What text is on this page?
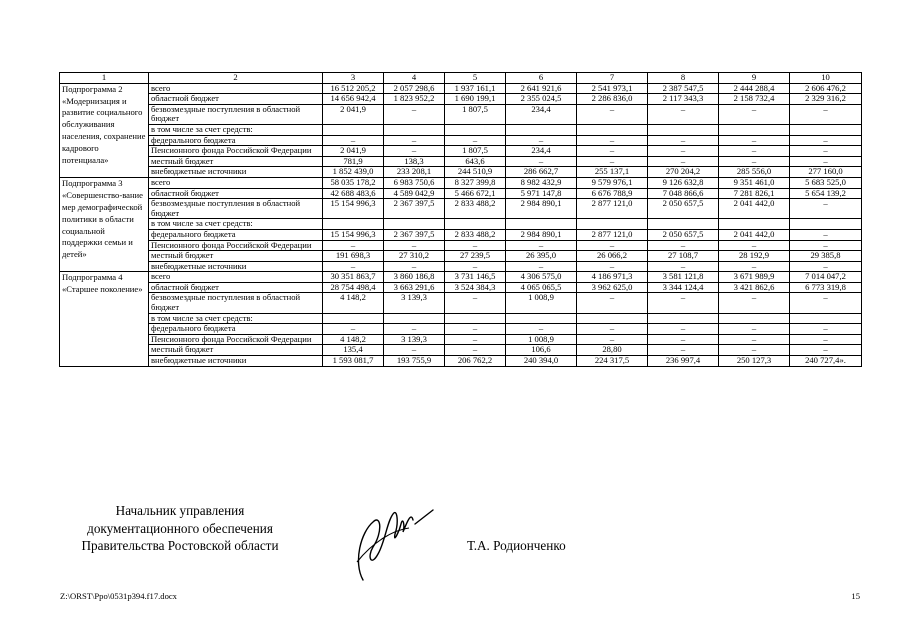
1	2	3	4	5	6	7	8	9	10
Подпрограмма 2 «Модернизация и развитие социального обслуживания населения, сохранение кадрового потенциала»	всего	16 512 205,2	2 057 298,6	1 937 161,1	2 641 921,6	2 541 973,1	2 387 547,5	2 444 288,4	2 606 476,2
	областной бюджет	14 656 942,4	1 823 952,2	1 690 199,1	2 355 024,5	2 286 836,0	2 117 343,3	2 158 732,4	2 329 316,2
	безвозмездные поступления в областной бюджет	2 041,9	–	1 807,5	234,4	–	–	–	–
	в том числе за счет средств:								
	федерального бюджета	–	–	–	–	–	–	–	–
	Пенсионного фонда Российской Федерации	2 041,9	–	1 807,5	234,4	–	–	–	–
	местный бюджет	781,9	138,3	643,6	–	–	–	–	–
	внебюджетные источники	1 852 439,0	233 208,1	244 510,9	286 662,7	255 137,1	270 204,2	285 556,0	277 160,0
Подпрограмма 3 «Совершенство-вание мер демографической политики в области социальной поддержки семьи и детей»	всего	58 035 178,2	6 983 750,6	8 327 399,8	8 982 432,9	9 579 976,1	9 126 632,8	9 351 461,0	5 683 525,0
	областной бюджет	42 688 483,6	4 589 042,9	5 466 672,1	5 971 147,8	6 676 788,9	7 048 866,6	7 281 826,1	5 654 139,2
	безвозмездные поступления в областной бюджет	15 154 996,3	2 367 397,5	2 833 488,2	2 984 890,1	2 877 121,0	2 050 657,5	2 041 442,0	–
	в том числе за счет средств:								
	федерального бюджета	15 154 996,3	2 367 397,5	2 833 488,2	2 984 890,1	2 877 121,0	2 050 657,5	2 041 442,0	–
	Пенсионного фонда Российской Федерации	–	–	–	–	–	–	–	–
	местный бюджет	191 698,3	27 310,2	27 239,5	26 395,0	26 066,2	27 108,7	28 192,9	29 385,8
	внебюджетные источники	–	–	–	–	–	–	–	–
Подпрограмма 4 «Старшее поколение»	всего	30 351 863,7	3 860 186,8	3 731 146,5	4 306 575,0	4 186 971,3	3 581 121,8	3 671 989,9	7 014 047,2
	областной бюджет	28 754 498,4	3 663 291,6	3 524 384,3	4 065 065,5	3 962 625,0	3 344 124,4	3 421 862,6	6 773 319,8
	безвозмездные поступления в областной бюджет	4 148,2	3 139,3	–	1 008,9	–	–	–	–
	в том числе за счет средств:								
	федерального бюджета	–	–	–	–	–	–	–	–
	Пенсионного фонда Российской Федерации	4 148,2	3 139,3	–	1 008,9	–	–	–	–
	местный бюджет	135,4	–	–	106,6	28,80	–	–	–
	внебюджетные источники	1 593 081,7	193 755,9	206 762,2	240 394,0	224 317,5	236 997,4	250 127,3	240 727,4».
Начальник управления
документационного обеспечения
Правительства Ростовской области	Т.А. Родионченко
Z:\ORST\Ppo\0531p394.f17.docx	15
